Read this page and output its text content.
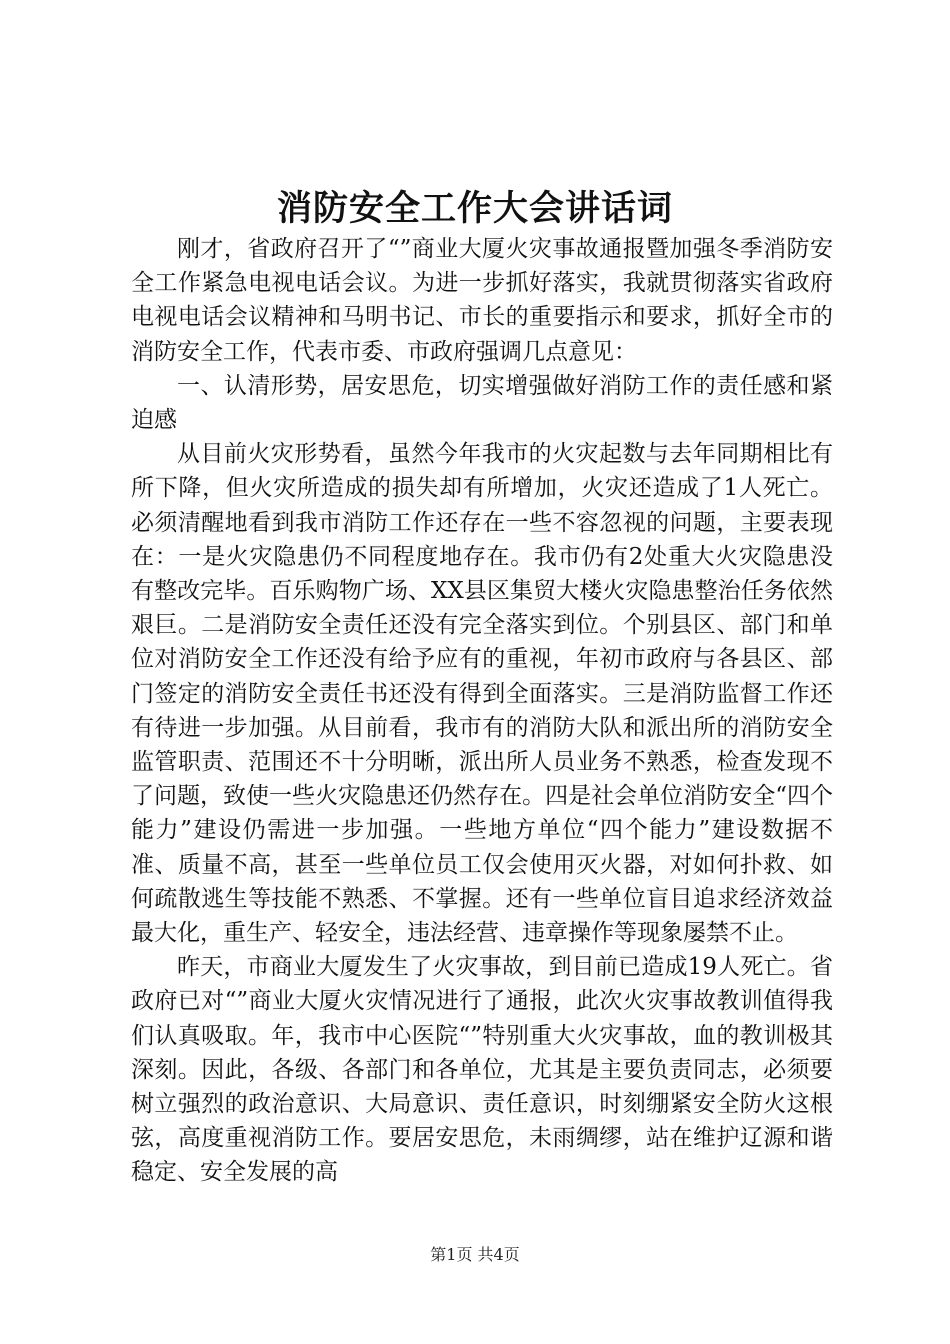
消防安全工作大会讲话词

刚才，省政府召开了“”商业大厦火灾事故通报暨加强冬季消防安全工作紧急电视电话会议。为进一步抓好落实，我就贯彻落实省政府电视电话会议精神和马明书记、市长的重要指示和要求，抓好全市的消防安全工作，代表市委、市政府强调几点意见：

一、认清形势，居安思危，切实增强做好消防工作的责任感和紧迫感

从目前火灾形势看，虽然今年我市的火灾起数与去年同期相比有所下降，但火灾所造成的损失却有所增加，火灾还造成了1人死亡。必须清醒地看到我市消防工作还存在一些不容忽视的问题，主要表现在：一是火灾隐患仍不同程度地存在。我市仍有2处重大火灾隐患没有整改完毕。百乐购物广场、XX县区集贸大楼火灾隐患整治任务依然艰巨。二是消防安全责任还没有完全落实到位。个别县区、部门和单位对消防安全工作还没有给予应有的重视，年初市政府与各县区、部门签定的消防安全责任书还没有得到全面落实。三是消防监督工作还有待进一步加强。从目前看，我市有的消防大队和派出所的消防安全监管职责、范围还不十分明晰，派出所人员业务不熟悉，检查发现不了问题，致使一些火灾隐患还仍然存在。四是社会单位消防安全“四个能力”建设仍需进一步加强。一些地方单位“四个能力”建设数据不准、质量不高，甚至一些单位员工仅会使用灭火器，对如何扑救、如何疏散逃生等技能不熟悉、不掌握。还有一些单位盲目追求经济效益最大化，重生产、轻安全，违法经营、违章操作等现象屡禁不止。

昨天，市商业大厦发生了火灾事故，到目前已造成19人死亡。省政府已对“”商业大厦火灾情况进行了通报，此次火灾事故教训值得我们认真吸取。年，我市中心医院“”特别重大火灾事故，血的教训极其深刻。因此，各级、各部门和各单位，尤其是主要负责同志，必须要树立强烈的政治意识、大局意识、责任意识，时刻绷紧安全防火这根弦，高度重视消防工作。要居安思危，未雨绸缪，站在维护辽源和谐稳定、安全发展的高

第1页 共4页
